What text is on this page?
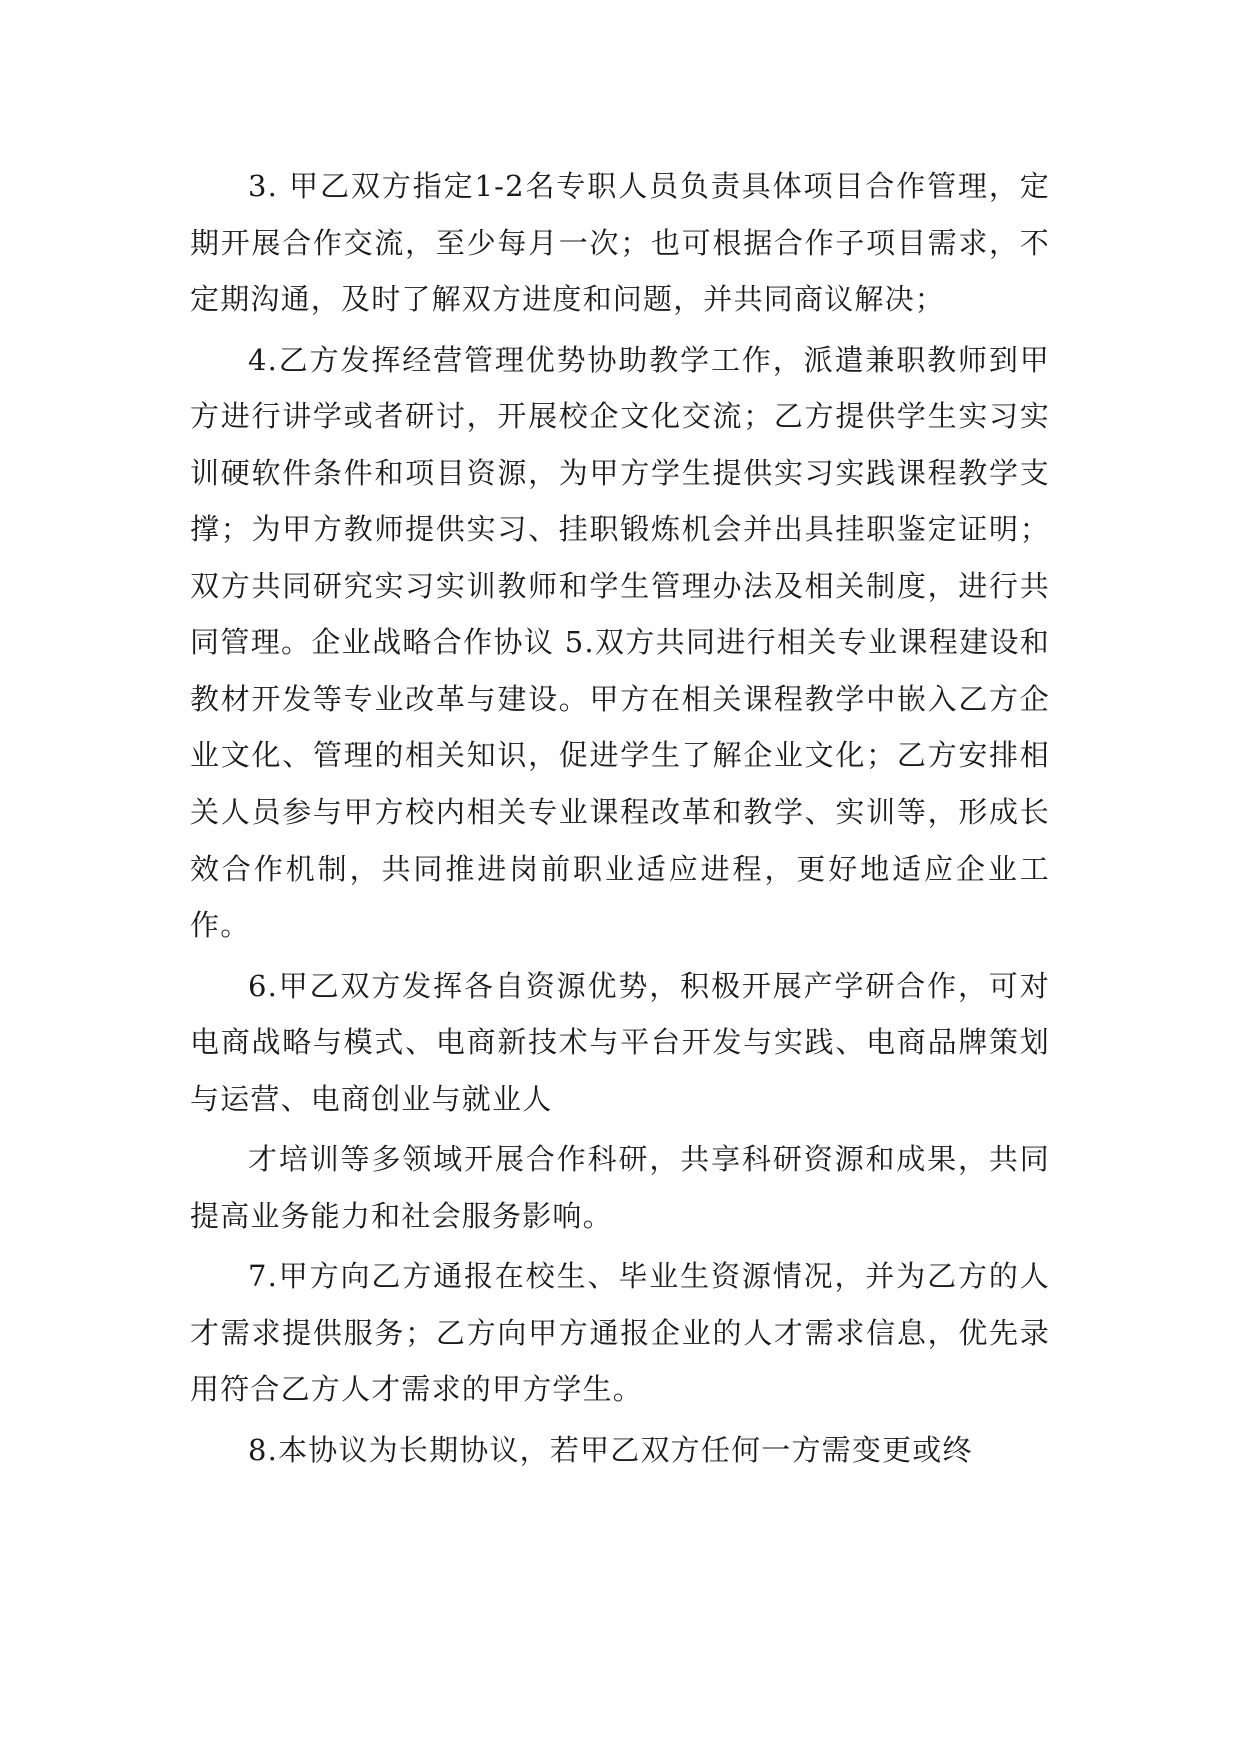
3. 甲乙双方指定1-2名专职人员负责具体项目合作管理，定期开展合作交流，至少每月一次；也可根据合作子项目需求，不定期沟通，及时了解双方进度和问题，并共同商议解决；

4.乙方发挥经营管理优势协助教学工作，派遣兼职教师到甲方进行讲学或者研讨，开展校企文化交流；乙方提供学生实习实训硬软件条件和项目资源，为甲方学生提供实习实践课程教学支撑；为甲方教师提供实习、挂职锻炼机会并出具挂职鉴定证明；双方共同研究实习实训教师和学生管理办法及相关制度，进行共同管理。企业战略合作协议 5.双方共同进行相关专业课程建设和教材开发等专业改革与建设。甲方在相关课程教学中嵌入乙方企业文化、管理的相关知识，促进学生了解企业文化；乙方安排相关人员参与甲方校内相关专业课程改革和教学、实训等，形成长效合作机制，共同推进岗前职业适应进程，更好地适应企业工作。

6.甲乙双方发挥各自资源优势，积极开展产学研合作，可对电商战略与模式、电商新技术与平台开发与实践、电商品牌策划与运营、电商创业与就业人

才培训等多领域开展合作科研，共享科研资源和成果，共同提高业务能力和社会服务影响。

7.甲方向乙方通报在校生、毕业生资源情况，并为乙方的人才需求提供服务；乙方向甲方通报企业的人才需求信息，优先录用符合乙方人才需求的甲方学生。

8.本协议为长期协议，若甲乙双方任何一方需变更或终
